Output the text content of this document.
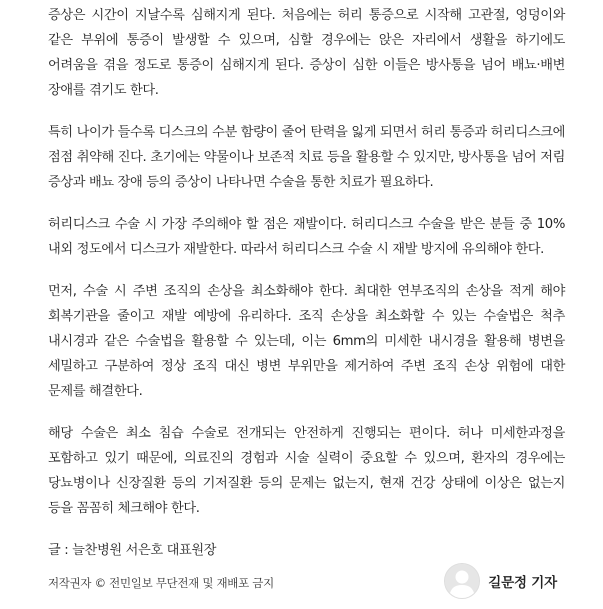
증상은 시간이 지날수록 심해지게 된다. 처음에는 허리 통증으로 시작해 고관절, 엉덩이와 같은 부위에 통증이 발생할 수 있으며, 심할 경우에는 앉은 자리에서 생활을 하기에도 어려움을 겪을 정도로 통증이 심해지게 된다. 증상이 심한 이들은 방사통을 넘어 배뇨·배변 장애를 겪기도 한다.

특히 나이가 들수록 디스크의 수분 함량이 줄어 탄력을 잃게 되면서 허리 통증과 허리디스크에 점점 취약해 진다. 초기에는 약물이나 보존적 치료 등을 활용할 수 있지만, 방사통을 넘어 저림 증상과 배뇨 장애 등의 증상이 나타나면 수술을 통한 치료가 필요하다.

허리디스크 수술 시 가장 주의해야 할 점은 재발이다. 허리디스크 수술을 받은 분들 중 10% 내외 정도에서 디스크가 재발한다. 따라서 허리디스크 수술 시 재발 방지에 유의해야 한다.

먼저, 수술 시 주변 조직의 손상을 최소화해야 한다. 최대한 연부조직의 손상을 적게 해야 회복기관을 줄이고 재발 예방에 유리하다. 조직 손상을 최소화할 수 있는 수술법은 척추 내시경과 같은 수술법을 활용할 수 있는데, 이는 6mm의 미세한 내시경을 활용해 병변을 세밀하고 구분하여 정상 조직 대신 병변 부위만을 제거하여 주변 조직 손상 위험에 대한 문제를 해결한다.

해당 수술은 최소 침습 수술로 전개되는 안전하게 진행되는 편이다. 허나 미세한과정을 포함하고 있기 때문에, 의료진의 경험과 시술 실력이 중요할 수 있으며, 환자의 경우에는 당뇨병이나 신장질환 등의 기저질환 등의 문제는 없는지, 현재 건강 상태에 이상은 없는지 등을 꼼꼼히 체크해야 한다.

글 : 늘찬병원 서은호 대표원장

저작권자 © 전민일보 무단전재 및 재배포 금지	길문정 기자
